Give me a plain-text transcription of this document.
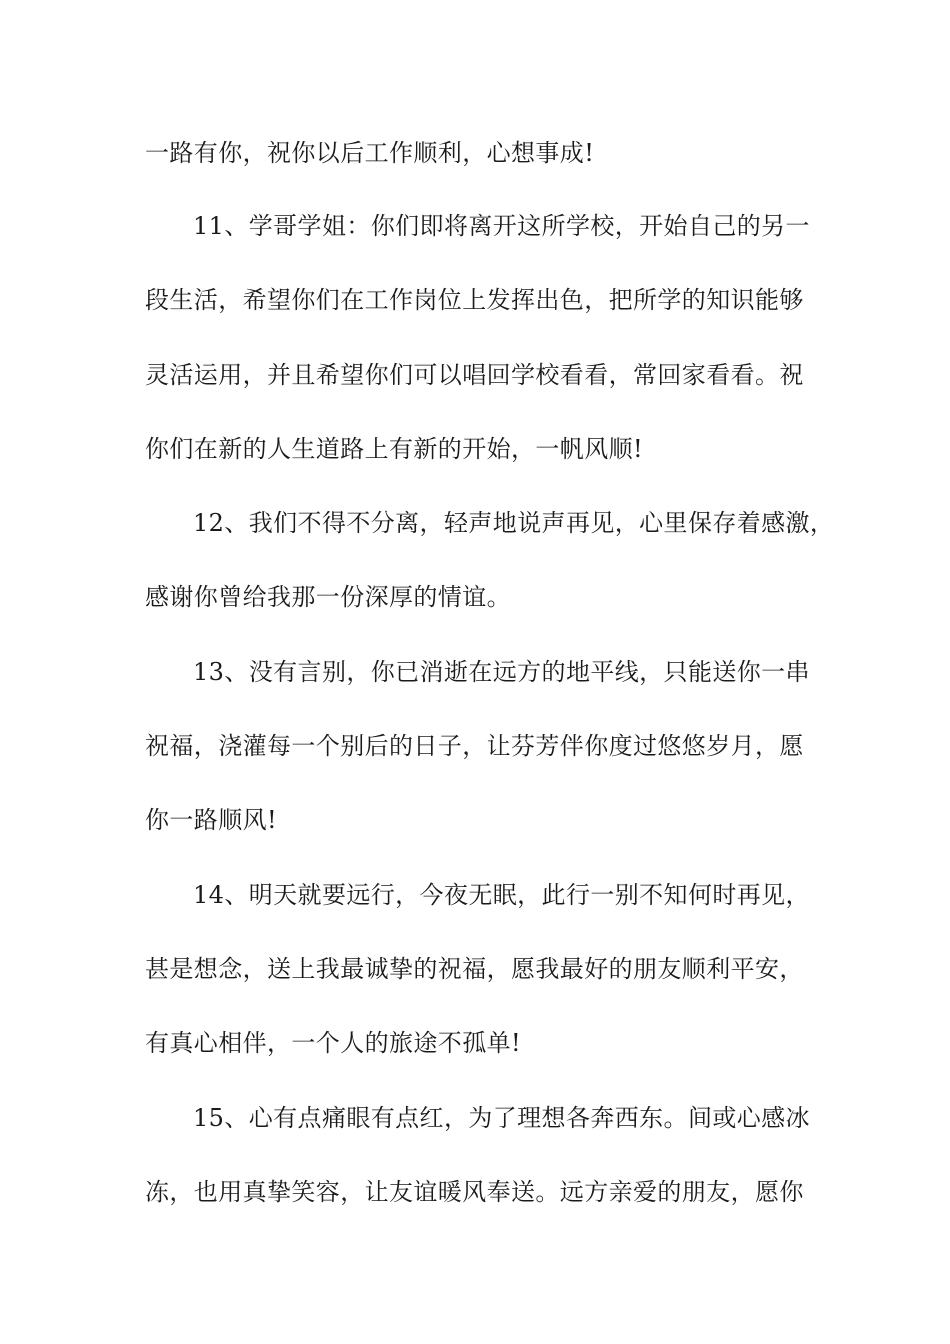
一路有你，祝你以后工作顺利，心想事成!
11、学哥学姐：你们即将离开这所学校，开始自己的另一
段生活，希望你们在工作岗位上发挥出色，把所学的知识能够
灵活运用，并且希望你们可以唱回学校看看，常回家看看。祝
你们在新的人生道路上有新的开始，一帆风顺!
12、我们不得不分离，轻声地说声再见，心里保存着感激，
感谢你曾给我那一份深厚的情谊。
13、没有言别，你已消逝在远方的地平线，只能送你一串
祝福，浇灌每一个别后的日子，让芬芳伴你度过悠悠岁月，愿
你一路顺风!
14、明天就要远行，今夜无眠，此行一别不知何时再见，
甚是想念，送上我最诚挚的祝福，愿我最好的朋友顺利平安，
有真心相伴，一个人的旅途不孤单!
15、心有点痛眼有点红，为了理想各奔西东。间或心感冰
冻，也用真挚笑容，让友谊暖风奉送。远方亲爱的朋友，愿你
